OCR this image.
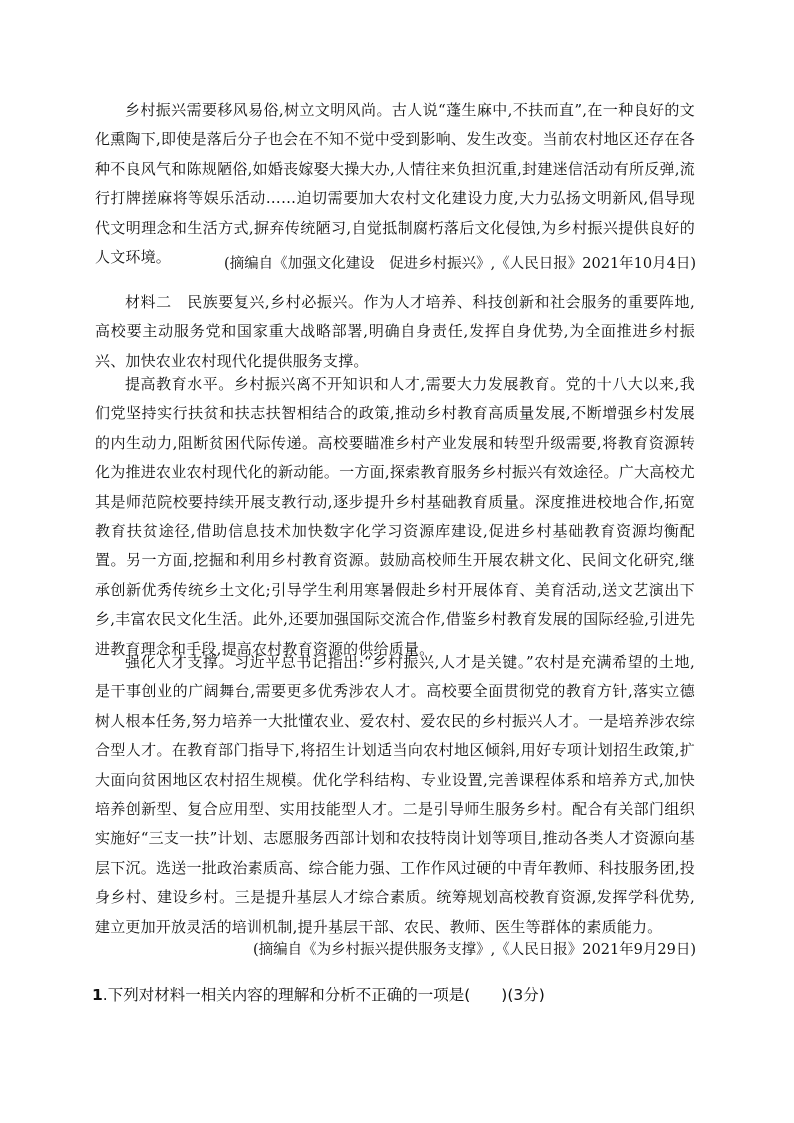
乡村振兴需要移风易俗,树立文明风尚。古人说“蓬生麻中,不扶而直”,在一种良好的文化熏陶下,即使是落后分子也会在不知不觉中受到影响、发生改变。当前农村地区还存在各种不良风气和陈规陋俗,如婚丧嫁娶大操大办,人情往来负担沉重,封建迷信活动有所反弹,流行打牌搓麻将等娱乐活动……迫切需要加大农村文化建设力度,大力弘扬文明新风,倡导现代文明理念和生活方式,摒弃传统陋习,自觉抵制腐朽落后文化侵蚀,为乡村振兴提供良好的人文环境。	(摘编自《加强文化建设　促进乡村振兴》,《人民日报》2021年10月4日)

材料二　民族要复兴,乡村必振兴。作为人才培养、科技创新和社会服务的重要阵地,高校要主动服务党和国家重大战略部署,明确自身责任,发挥自身优势,为全面推进乡村振兴、加快农业农村现代化提供服务支撑。

提高教育水平。乡村振兴离不开知识和人才,需要大力发展教育。党的十八大以来,我们党坚持实行扶贫和扶志扶智相结合的政策,推动乡村教育高质量发展,不断增强乡村发展的内生动力,阻断贫困代际传递。高校要瞄准乡村产业发展和转型升级需要,将教育资源转化为推进农业农村现代化的新动能。一方面,探索教育服务乡村振兴有效途径。广大高校尤其是师范院校要持续开展支教行动,逐步提升乡村基础教育质量。深度推进校地合作,拓宽教育扶贫途径,借助信息技术加快数字化学习资源库建设,促进乡村基础教育资源均衡配置。另一方面,挖掘和利用乡村教育资源。鼓励高校师生开展农耕文化、民间文化研究,继承创新优秀传统乡土文化;引导学生利用寒暑假赴乡村开展体育、美育活动,送文艺演出下乡,丰富农民文化生活。此外,还要加强国际交流合作,借鉴乡村教育发展的国际经验,引进先进教育理念和手段,提高农村教育资源的供给质量。

强化人才支撑。习近平总书记指出:“乡村振兴,人才是关键。”农村是充满希望的土地,是干事创业的广阔舞台,需要更多优秀涉农人才。高校要全面贯彻党的教育方针,落实立德树人根本任务,努力培养一大批懂农业、爱农村、爱农民的乡村振兴人才。一是培养涉农综合型人才。在教育部门指导下,将招生计划适当向农村地区倾斜,用好专项计划招生政策,扩大面向贫困地区农村招生规模。优化学科结构、专业设置,完善课程体系和培养方式,加快培养创新型、复合应用型、实用技能型人才。二是引导师生服务乡村。配合有关部门组织实施好“三支一扶”计划、志愿服务西部计划和农技特岗计划等项目,推动各类人才资源向基层下沉。选送一批政治素质高、综合能力强、工作作风过硬的中青年教师、科技服务团,投身乡村、建设乡村。三是提升基层人才综合素质。统筹规划高校教育资源,发挥学科优势,建立更加开放灵活的培训机制,提升基层干部、农民、教师、医生等群体的素质能力。

(摘编自《为乡村振兴提供服务支撑》,《人民日报》2021年9月29日)

1.下列对材料一相关内容的理解和分析不正确的一项是(　　)(3分)
